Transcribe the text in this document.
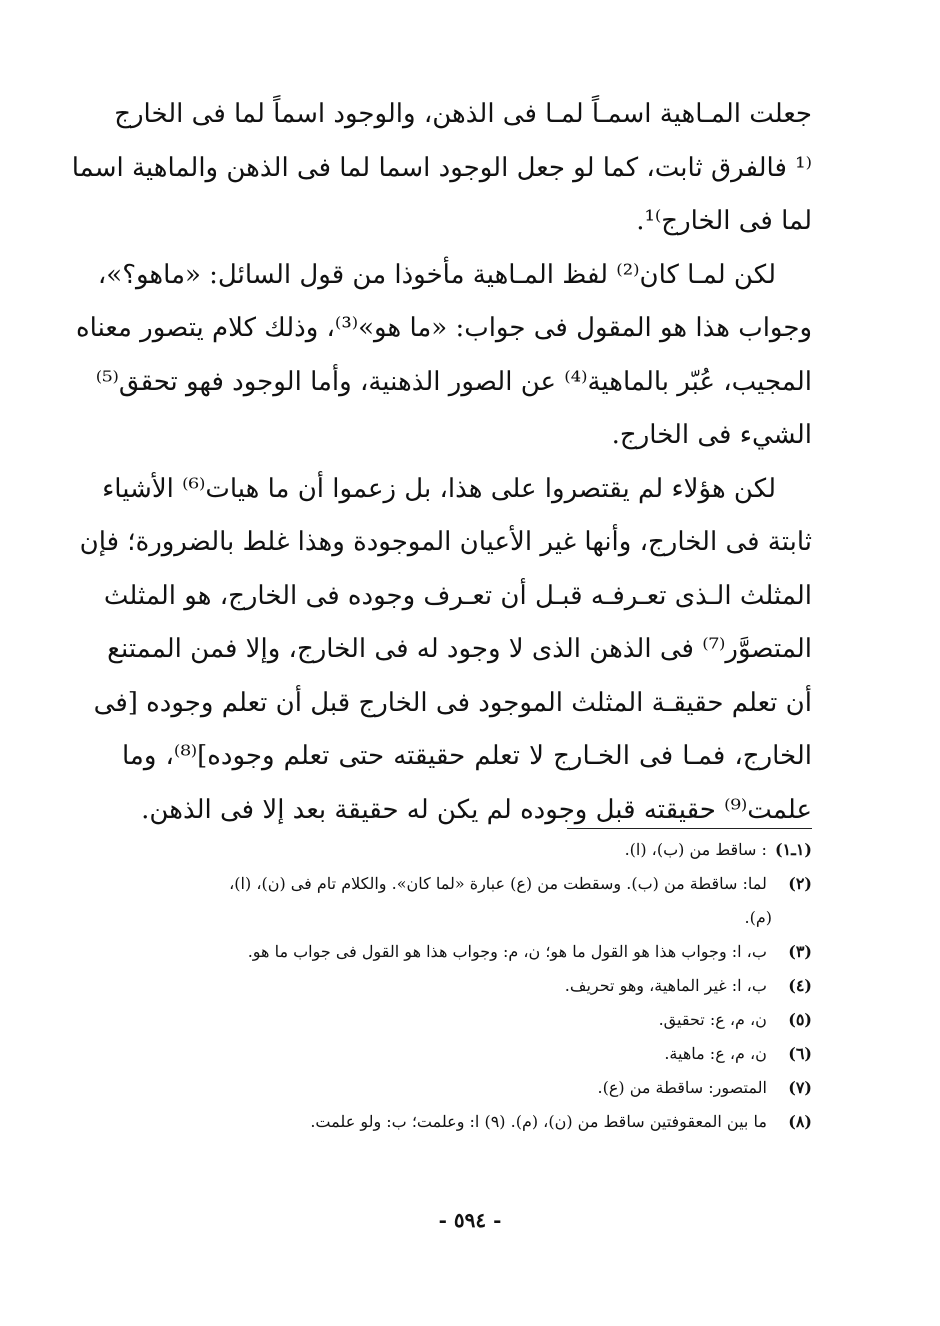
جعلت المـاهية اسمـاً لمـا فى الذهن، والوجود اسماً لما فى الخارج
⁽¹ فالفرق ثابت، كما لو جعل الوجود اسما لما فى الذهن والماهية اسما
لما فى الخارج⁾¹.
لكن لمـا كان⁽²⁾ لفظ المـاهية مأخوذا من قول السائل: «ماهو؟»،
وجواب هذا هو المقول فى جواب: «ما هو»⁽³⁾، وذلك كلام يتصور معناه
المجيب، عُبّر بالماهية⁽⁴⁾ عن الصور الذهنية، وأما الوجود فهو تحقق⁽⁵⁾
الشيء فى الخارج.
لكن هؤلاء لم يقتصروا على هذا، بل زعموا أن ما هيات⁽⁶⁾ الأشياء
ثابتة فى الخارج، وأنها غير الأعيان الموجودة وهذا غلط بالضرورة؛ فإن
المثلث الـذى تعـرفـه قبـل أن تعـرف وجوده فى الخارج، هو المثلث
المتصوَّر⁽⁷⁾ فى الذهن الذى لا وجود له فى الخارج، وإلا فمن الممتنع
أن تعلم حقيقـة المثلث الموجود فى الخارج قبل أن تعلم وجوده [فى
الخارج، فمـا فى الخـارج لا تعلم حقيقته حتى تعلم وجوده]⁽⁸⁾، وما
علمت⁽⁹⁾ حقيقته قبل وجوده لم يكن له حقيقة بعد إلا فى الذهن.
(١ـ١) : ساقط من (ب)، (ا).
(٢) لما: ساقطة من (ب). وسقطت من (ع) عبارة «لما كان». والكلام تام فى (ن)، (ا)،
(م).
(٣) ب، ا: وجواب هذا هو القول ما هو؛ ن، م: وجواب هذا هو القول فى جواب ما هو.
(٤) ب، ا: غير الماهية، وهو تحريف.
(٥) ن، م، ع: تحقيق.
(٦) ن، م، ع: ماهية.
(٧) المتصور: ساقطة من (ع).
(٨) ما بين المعقوفتين ساقط من (ن)، (م). (٩) ا: وعلمت؛ ب: ولو علمت.
- ٥٩٤ -
